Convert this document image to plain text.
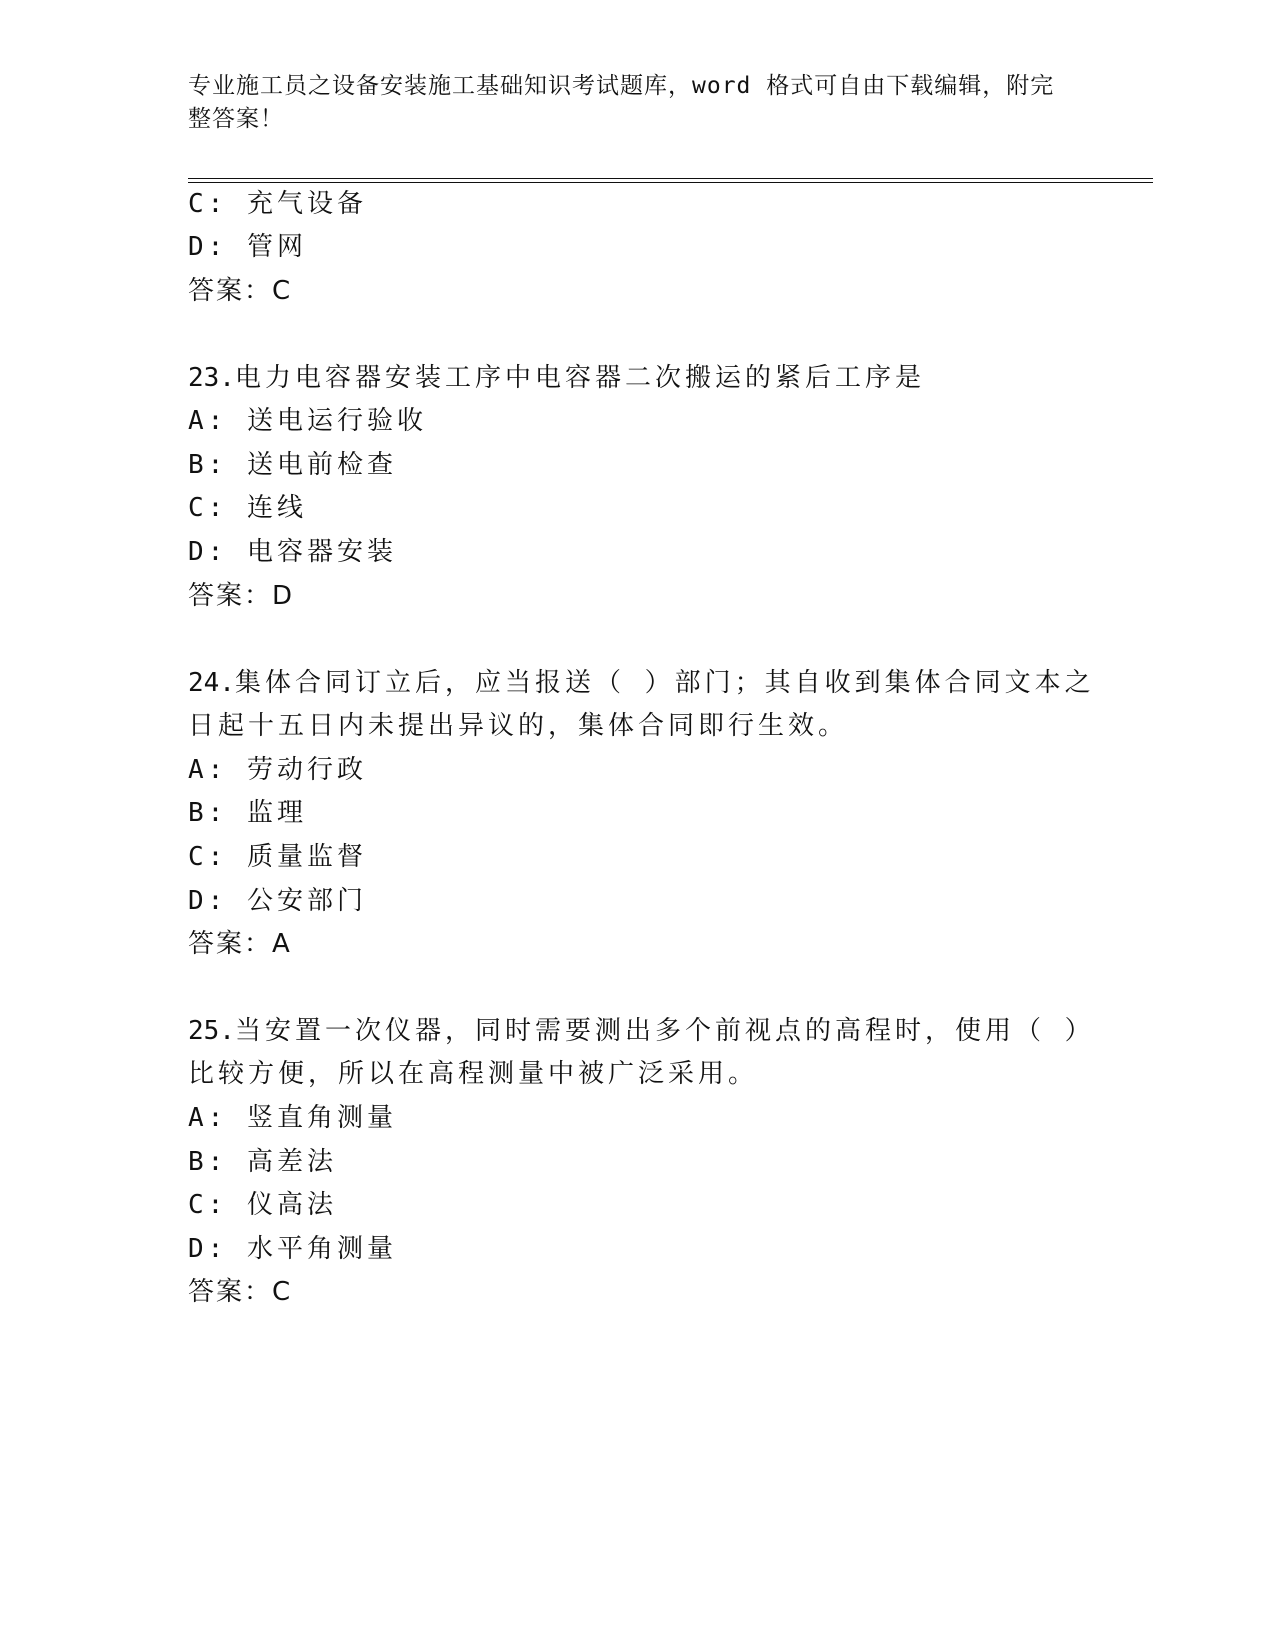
专业施工员之设备安装施工基础知识考试题库，word 格式可自由下载编辑，附完
整答案！
C: 充气设备
D: 管网
答案：C
23.电力电容器安装工序中电容器二次搬运的紧后工序是
A: 送电运行验收
B: 送电前检查
C: 连线
D: 电容器安装
答案：D
24.集体合同订立后，应当报送（ ）部门；其自收到集体合同文本之
日起十五日内未提出异议的，集体合同即行生效。
A: 劳动行政
B: 监理
C: 质量监督
D: 公安部门
答案：A
25.当安置一次仪器，同时需要测出多个前视点的高程时，使用（ ）
比较方便，所以在高程测量中被广泛采用。
A: 竖直角测量
B: 高差法
C: 仪高法
D: 水平角测量
答案：C
